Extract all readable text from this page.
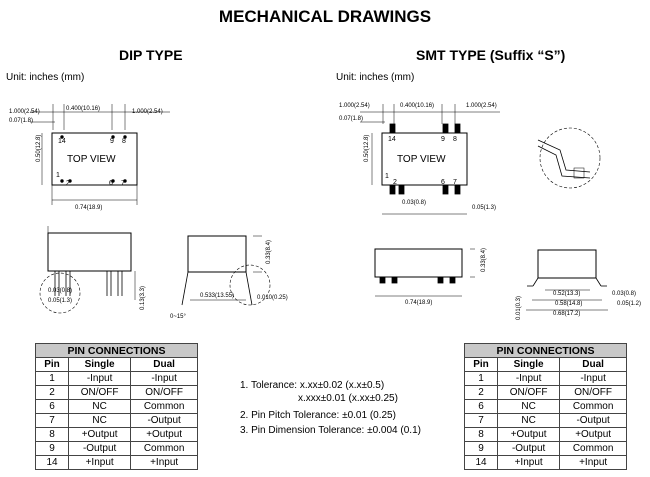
MECHANICAL DRAWINGS
DIP TYPE	SMT TYPE (Suffix “S”)
Unit: inches (mm)	Unit: inches (mm)
1.000(2.54)	0.400(10.16)	1.000(2.54)
0.07(1.8)
0.74(18.9)
14	9 8
1
2	6 7
TOP VIEW
0.50(12.8)
0.03(0.8)
0.05(1.3)	0.13(3.3)	0.533(13.55)	0.010(0.25)
0~15°
0.33(8.4)
1.000(2.54)	0.400(10.16)	1.000(2.54)
0.07(1.8)
0.03(0.8)
0.05(1.3)
14	9 8
1
2	6 7
TOP VIEW
0.50(12.8)
0.74(18.9)
0.33(8.4)
0.52(13.3)
0.58(14.8)
0.68(17.2)
0.03(0.8)
0.05(1.2)
0.01(0.3)
PIN CONNECTIONS		
Pin	Single	Dual
1	-Input	-Input
2	ON/OFF	ON/OFF
6	NC	Common
7	NC	-Output
8	+Output	+Output
9	-Output	Common
14	+Input	+Input
PIN CONNECTIONS		
Pin	Single	Dual
1	-Input	-Input
2	ON/OFF	ON/OFF
6	NC	Common
7	NC	-Output
8	+Output	+Output
9	-Output	Common
14	+Input	+Input
1. Tolerance: x.xx±0.02 (x.x±0.5)
x.xxx±0.01 (x.xx±0.25)
2. Pin Pitch Tolerance: ±0.01 (0.25)
3. Pin Dimension Tolerance: ±0.004 (0.1)
